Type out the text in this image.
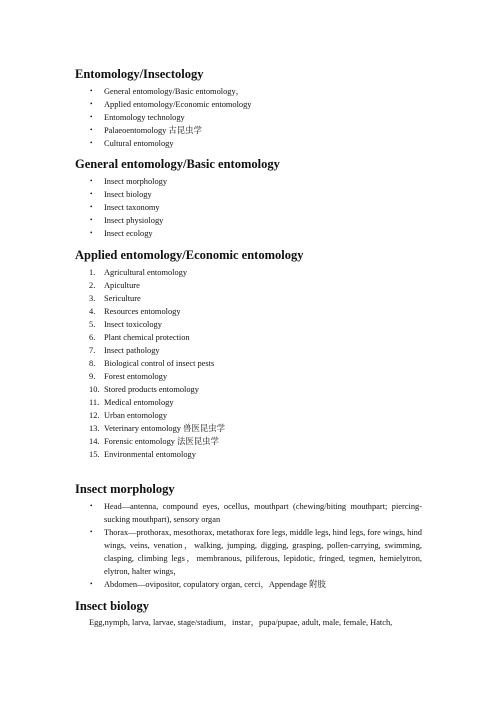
Entomology/Insectology
• General entomology/Basic entomology，
• Applied entomology/Economic entomology
• Entomology technology
• Palaeoentomology 古昆虫学
• Cultural entomology
General entomology/Basic entomology
• Insect morphology
• Insect biology
• Insect taxonomy
• Insect physiology
• Insect ecology
Applied entomology/Economic entomology
1. Agricultural entomology
2. Apiculture
3. Sericulture
4. Resources entomology
5. Insect toxicology
6. Plant chemical protection
7. Insect pathology
8. Biological control of insect pests
9. Forest entomology
10. Stored products entomology
11. Medical entomology
12. Urban entomology
13. Veterinary entomology 兽医昆虫学
14. Forensic entomology 法医昆虫学
15. Environmental entomology
Insect morphology
• Head—antenna, compound eyes, ocellus, mouthpart (chewing/biting mouthpart; piercing-sucking mouthpart), sensory organ
• Thorax—prothorax, mesothorax, metathorax fore legs, middle legs, hind legs, fore wings, hind wings, veins, venation，walking, jumping, digging, grasping, pollen-carrying, swimming, clasping, climbing legs，membranous, piliferous, lepidotic, fringed, tegmen, hemielytron, elytron, halter wings，
• Abdomen—ovipositor, copulatory organ, cerci，Appendage 附肢
Insect biology
Egg,nymph, larva, larvae, stage/stadium，instar，pupa/pupae, adult, male, female, Hatch,
